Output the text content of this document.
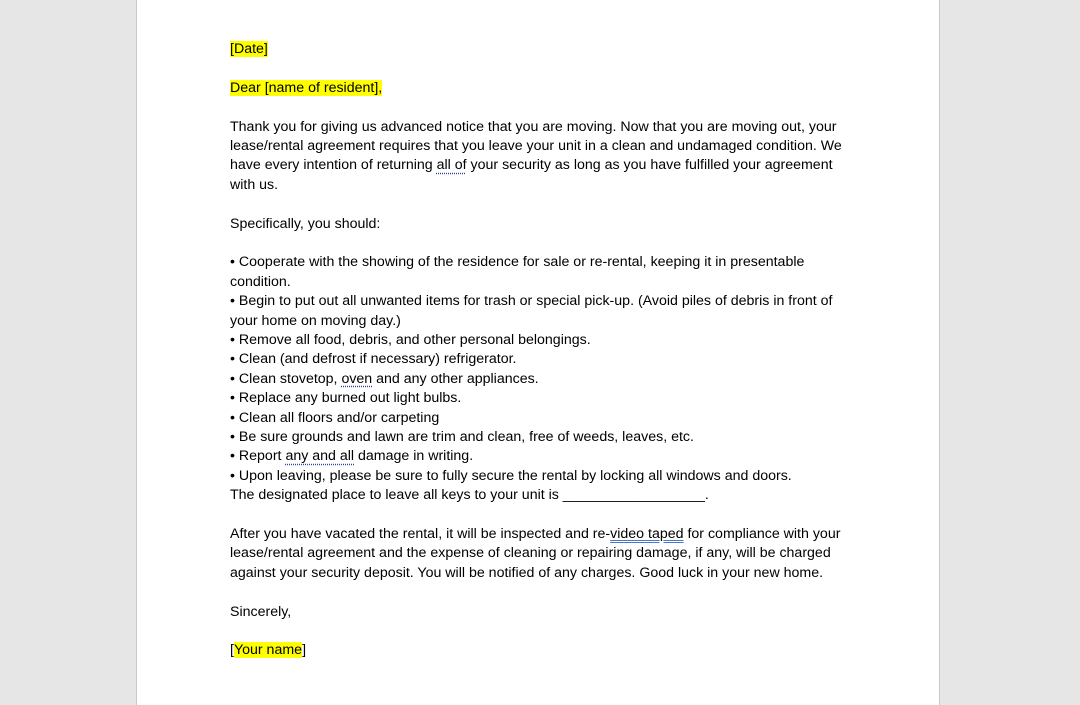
[Date]

Dear [name of resident],

Thank you for giving us advanced notice that you are moving. Now that you are moving out, your lease/rental agreement requires that you leave your unit in a clean and undamaged condition. We have every intention of returning all of your security as long as you have fulfilled your agreement with us.

Specifically, you should:

• Cooperate with the showing of the residence for sale or re-rental, keeping it in presentable condition.

• Begin to put out all unwanted items for trash or special pick-up. (Avoid piles of debris in front of your home on moving day.)

• Remove all food, debris, and other personal belongings.

• Clean (and defrost if necessary) refrigerator.

• Clean stovetop, oven and any other appliances.

• Replace any burned out light bulbs.

• Clean all floors and/or carpeting

• Be sure grounds and lawn are trim and clean, free of weeds, leaves, etc.

• Report any and all damage in writing.

• Upon leaving, please be sure to fully secure the rental by locking all windows and doors.

The designated place to leave all keys to your unit is __________________.

After you have vacated the rental, it will be inspected and re-video taped for compliance with your lease/rental agreement and the expense of cleaning or repairing damage, if any, will be charged against your security deposit. You will be notified of any charges. Good luck in your new home.

Sincerely,

[Your name]
